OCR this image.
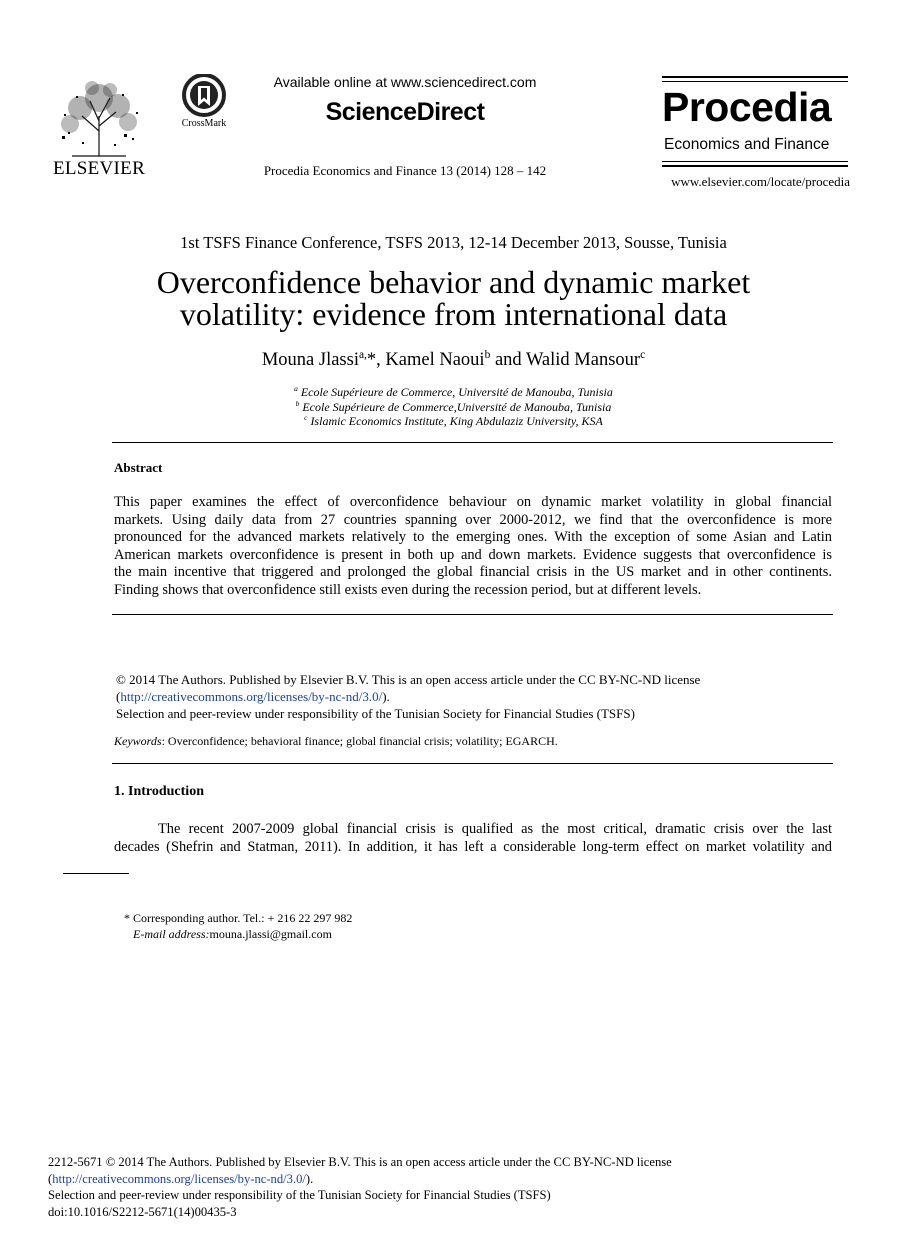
ELSEVIER
CrossMark
Available online at www.sciencedirect.com
ScienceDirect
Procedia Economics and Finance 13 (2014) 128 – 142
Procedia
Economics and Finance
www.elsevier.com/locate/procedia
1st TSFS Finance Conference, TSFS 2013, 12-14 December 2013, Sousse, Tunisia
Overconfidence behavior and dynamic market
volatility: evidence from international data
Mouna Jlassi$^{a,}$*, Kamel Naoui$^b$ and Walid Mansour$^c$
$^a$ Ecole Supérieure de Commerce, Université de Manouba, Tunisia
$^b$ Ecole Supérieure de Commerce,Université de Manouba, Tunisia
$^c$ Islamic Economics Institute, King Abdulaziz University, KSA
Abstract
This paper examines the effect of overconfidence behaviour on dynamic market volatility in global financial
markets. Using daily data from 27 countries spanning over 2000-2012, we find that the overconfidence is more
pronounced for the advanced markets relatively to the emerging ones. With the exception of some Asian and Latin
American markets overconfidence is present in both up and down markets. Evidence suggests that overconfidence is
the main incentive that triggered and prolonged the global financial crisis in the US market and in other continents.
Finding shows that overconfidence still exists even during the recession period, but at different levels.
© 2014 The Authors. Published by Elsevier B.V. This is an open access article under the CC BY-NC-ND license
(http://creativecommons.org/licenses/by-nc-nd/3.0/).
Selection and peer-review under responsibility of the Tunisian Society for Financial Studies (TSFS)
Keywords: Overconfidence; behavioral finance; global financial crisis; volatility; EGARCH.
1. Introduction
The recent 2007-2009 global financial crisis is qualified as the most critical, dramatic crisis over the last
decades (Shefrin and Statman, 2011). In addition, it has left a considerable long-term effect on market volatility and
* Corresponding author. Tel.: + 216 22 297 982
E-mail address:mouna.jlassi@gmail.com
2212-5671 © 2014 The Authors. Published by Elsevier B.V. This is an open access article under the CC BY-NC-ND license
(http://creativecommons.org/licenses/by-nc-nd/3.0/).
Selection and peer-review under responsibility of the Tunisian Society for Financial Studies (TSFS)
doi:10.1016/S2212-5671(14)00435-3
